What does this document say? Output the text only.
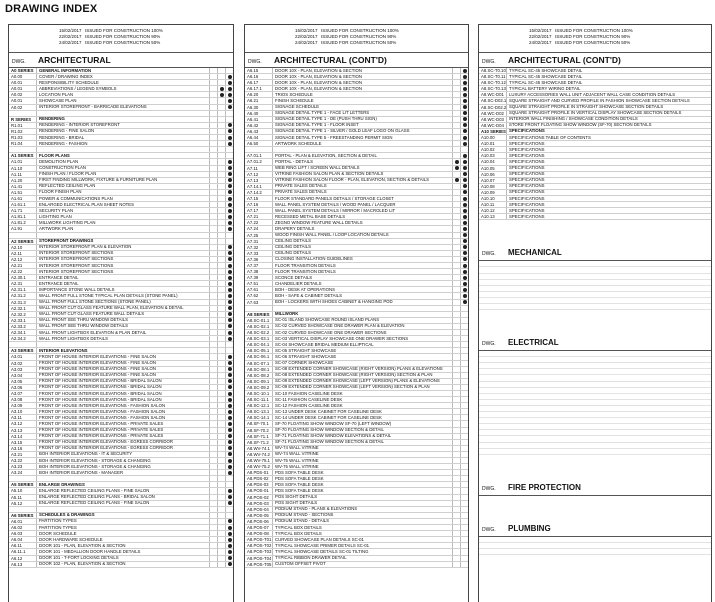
DRAWING INDEX
15/02/2017 ISSUED FOR CONSTRUCTION 100%
22/02/2017 ISSUED FOR CONSTRUCTION 90%
24/02/2017 ISSUED FOR CONSTRUCTION 50%
DWG.	ARCHITECTURAL
A0 SERIES	GENERAL INFORMATION
A0.00	COVER / DRAWING INDEX
A0.01	RESPONSIBILITY SCHEDULE
A0.01	ABBREVIATIONS / LEGEND SYMBOLS
A0.02	LOCATION PLAN
A0.01	SHOWCASE PLAN
A0.02	INTERIOR STOREFRONT - BARRICADE ELEVATIONS
R SERIES	RENDERING
R1.01	RENDERING - INTERIOR STOREFRONT
R1.02	RENDERING - FINE SALON
R1.03	RENDERING - BRIDAL
R1.04	RENDERING - FASHION
A1 SERIES	FLOOR PLANS
A1.01	DEMOLITION PLAN
A1.10	CONSTRUCTION PLAN
A1.11	FINISH PLAN / FLOOR PLAN
A1.20	FIRST FINDING MILLWORK, FIXTURE & FURNITURE PLAN
A1.41	REFLECTED CEILING PLAN
A1.51	FLOOR FINISH PLAN
A1.61	POWER & COMMUNICATIONS PLAN
A1.61.1	ENLARGED ELECTRICAL PLAN SHEET NOTES
A1.71	SECURITY PLAN
A1.81.1	LIGHTING PLAN
A1.81.2	MILLWORK LIGHTING PLAN
A1.91	ARTWORK PLAN
A2 SERIES	STOREFRONT DRAWINGS
A2.10	INTERIOR STOREFRONT PLAN & ELEVATION
A2.11	INTERIOR STOREFRONT SECTIONS
A2.12	INTERIOR STOREFRONT SECTIONS
A2.21	INTERIOR STOREFRONT SECTIONS
A2.22	INTERIOR STOREFRONT SECTIONS
A2.30.1	ENTRANCE DETAIL
A2.31	ENTRANCE DETAIL
A2.31.1	IMPORTANCE STONE WALL DETAILS
A2.31.2	WALL FRONT FULL STONE TYPICAL PLAN DETAILS (STONE PANEL)
A2.31.3	WALL FRONT FULL STONE SECTIONS (STONE PANEL)
A2.32.1	WALL FRONT CUT GLASS FEATURE WALL PLAN, ELEVATION & DETAIL
A2.32.2	WALL FRONT CUT GLASS FEATURE WALL DETAILS
A2.33.1	WALL FRONT SEE THRU WINDOW DETAILS
A2.33.2	WALL FRONT SEE THRU WINDOW DETAILS
A2.34.1	WALL FRONT LIGHTBOX ELEVATION & PLAN DETAIL
A2.34.2	WALL FRONT LIGHTBOX DETAILS
A3 SERIES	INTERIOR ELEVATIONS
A3.01	FRONT OF HOUSE INTERIOR ELEVATIONS - FINE SALON
A3.02	FRONT OF HOUSE INTERIOR ELEVATIONS - FINE SALON
A3.03	FRONT OF HOUSE INTERIOR ELEVATIONS - FINE SALON
A3.04	FRONT OF HOUSE INTERIOR ELEVATIONS - FINE SALON
A3.05	FRONT OF HOUSE INTERIOR ELEVATIONS - BRIDAL SALON
A3.06	FRONT OF HOUSE INTERIOR ELEVATIONS - BRIDAL SALON
A3.07	FRONT OF HOUSE INTERIOR ELEVATIONS - BRIDAL SALON
A3.08	FRONT OF HOUSE INTERIOR ELEVATIONS - BRIDAL SALON
A3.09	FRONT OF HOUSE INTERIOR ELEVATIONS - FASHION SALON
A3.10	FRONT OF HOUSE INTERIOR ELEVATIONS - FASHION SALON
A3.11	FRONT OF HOUSE INTERIOR ELEVATIONS - FASHION SALON
A3.12	FRONT OF HOUSE INTERIOR ELEVATIONS - PRIVATE SALES
A3.13	FRONT OF HOUSE INTERIOR ELEVATIONS - PRIVATE SALES
A3.14	FRONT OF HOUSE INTERIOR ELEVATIONS - PRIVATE SALES
A3.15	FRONT OF HOUSE INTERIOR ELEVATIONS - EGRESS CORRIDOR
A3.16	FRONT OF HOUSE INTERIOR ELEVATIONS - EGRESS CORRIDOR
A3.21	BOH INTERIOR ELEVATIONS - IT & SECURITY
A3.22	BOH INTERIOR ELEVATIONS - STORAGE & CHANGING
A3.23	BOH INTERIOR ELEVATIONS - STORAGE & CHANGING
A3.24	BOH INTERIOR ELEVATIONS - MANAGER
A5 SERIES	ENLARGE DRAWINGS
A5.10	ENLARGE REFLECTED CEILING PLANS - FINE SALON
A5.11	ENLARGE REFLECTED CEILING PLANS - BRIDAL SALON
A5.12	ENLARGE REFLECTED CEILING PLANS - FINE SALON
A6 SERIES	SCHEDULES & DRAWINGS
A6.01	PARTITION TYPES
A6.02	PARTITION TYPES
A6.03	DOOR SCHEDULE
A6.04	DOOR HARDWARE SCHEDULE
A6.11	DOOR 101 - PLAN, ELEVATION & SECTION
A6.11.1	DOOR 101 - MEDALLION DOOR HANDLE DETAILS
A6.12	DOOR 101 - T-FORT LOCKING DETAILS
A6.13	DOOR 102 - PLAN, ELEVATION & SECTION
15/02/2017 ISSUED FOR CONSTRUCTION 100%
22/02/2017 ISSUED FOR CONSTRUCTION 90%
24/02/2017 ISSUED FOR CONSTRUCTION 50%
DWG.	ARCHITECTURAL (CONT'D)
A6.15	DOOR 10X - PLAN, ELEVATION & SECTION
A6.16	DOOR 10X - PLAN, ELEVATION & SECTION
A6.17	DOOR 10X - PLAN, ELEVATION & SECTION
A6.17.1	DOOR 10X - PLAN, ELEVATION & SECTION
A6.20	TRIOS SCHEDULE
A6.21	FINISH SCHEDULE
A6.30	SIGNAGE SCHEDULE
A6.40	SIGNAGE DETAIL TYPE 1 - FACE LIT LETTERS
A6.41	SIGNAGE DETAIL TYPE 1 - DE (PUSH THRU SIGN)
A6.42	SIGNAGE DETAIL TYPE 1 - FLOOR INSET
A6.43	SIGNAGE DETAIL TYPE 1 - SILVER / GOLD LEAF LOGO ON GLASS
A6.44	SIGNAGE DETAIL TYPE 5 - FREESTANDING PERMIT SIGN
A6.50	ARTWORK SCHEDULE
A7.01.1	PORTAL - PLAN & ELEVATION, SECTION & DETAIL
A7.01.2	PORTAL - DETAILS
A7.11	WEB RING LIFT / SCREEN WALL DETAILS
A7.12	VITRINE FASHION SALON PLAN & SECTION DETAILS
A7.13	VITRINE FASHION SALON FLOOR - PLAN, ELEVATION, SECTION & DETAILS
A7.14.1	PRIVATE SALES DETAILS
A7.14.2	PRIVATE SALES DETAILS
A7.15	FLOOR STANDARD PANELS DETAILS / STORAGE CLOSET
A7.16	WALL PANEL SYSTEM DETAILS / WOOD PANEL / LACQUER
A7.17	WALL PANEL SYSTEM DETAILS / MIRROR / MACROLED LIT
A7.21	RECESSED METAL BASE DETAILS
A7.22	ZEGNO WINDOW FEATURE WALL DETAILS
A7.24	DRAPERY DETAILS
A7.25	WOOD FINISH WALL PANEL / LOOP LOCATION DETAILS
A7.31	CEILING DETAILS
A7.32	CEILING DETAILS
A7.33	CEILING DETAILS
A7.36	CLOSING INSTALLATION GUIDELINES
A7.37	FLOOR TRANSITION DETAILS
A7.38	FLOOR TRANSITION DETAILS
A7.39	SCONCE DETAILS
A7.51	CHANDELIER DETAILS
A7.61	BOH - DESK AT OPERATIONS
A7.62	BOH - SAFE & CABINET DETAILS
A7.63	BOH - LOCKERS WITH SHOES CABINET & HANGING POD
A8 SERIES	MILLWORK
A8.SC-01.1	SC-01 ISLAND SHOWCASE ROUND ISLAND PLANS
A8.SC-02.1	SC-02 CURVED SHOWCASE ONE DRAWER PLAN & ELEVATION
A8.SC-02.2	SC-02 CURVED SHOWCASE ONE DRAWER SECTIONS
A8.SC-03.1	SC-03 VERTICAL DISPLAY SHOWCASE ONE DRAWER SECTIONS
A8.SC-04.1	SC-04 SHOWCASE BRIDAL MEDIUM ELLIPTICAL
A8.SC-05.1	SC-05 STRAIGHT SHOWCASE
A8.SC-06.1	SC-06 STRAIGHT SHOWCASE
A8.SC-07.1	SC-07 CORNER SHOWCASE
A8.SC-08.1	SC-08 EXTENDED CORNER SHOWCASE (RIGHT VERSION) PLANS & ELEVATIONS
A8.SC-08.2	SC-08 EXTENDED CORNER SHOWCASE (RIGHT VERSION) SECTION & PLAN
A8.SC-09.1	SC-09 EXTENDED CORNER SHOWCASE (LEFT VERSION) PLANS & ELEVATIONS
A8.SC-09.2	SC-09 EXTENDED CORNER SHOWCASE (LEFT VERSION) SECTION & PLAN
A8.SC-10.1	SC-10 FASHION CASELINE DESK
A8.SC-11.1	SC-11 FASHION CASELINE DESK
A8.SC-12.1	SC-12 FASHION CASELINE DESK
A8.SC-13.1	SC-13 UNDER DESK CABINET FOR CASELINE DESK
A8.SC-14.1	SC-14 UNDER DESK CABINET FOR CASELINE DESK
A8.SF-70.1	SF-70 FLOATING SHOW WINDOW SF-70 (LEFT WINDOW)
A8.SF-70.2	SF-70 FLOATING SHOW WINDOW SECTION & DETAIL
A8.SF-71.1	SF-71 FLOATING SHOW WINDOW ELEVATIONS & DETAIL
A8.SF-71.2	SF-71 FLOATING SHOW WINDOW SECTION & DETAIL
A8.WV-74.1	WV-74 WALL VITRINE
A8.WV-74.2	WV-74 WALL VITRINE
A8.WV-75.1	WV-75 WALL VITRINE
A8.WV-75.2	WV-75 WALL VITRINE
A8.PDS-01	PDS SOFA TABLE DESK
A8.PDS-02	PDS SOFA TABLE DESK
A8.PDS-03	PDS SOFA TABLE DESK
A8.POS-01	PDS SOFA TABLE DESK
A8.POS-02	POS SIGHT DETAILS
A8.POS-03	POS SIGHT DETAILS
A8.POS-04	PODIUM STAND - PLANS & ELEVATIONS
A8.POS-05	PODIUM STAND - SECTIONS
A8.POS-06	PODIUM STAND - DETAILS
A8.POS-07	TYPICAL BOX DETAILS
A8.POS-08	TYPICAL BOX DETAILS
A8.POS-T01 CURVED SHOWCASE PLAN DETAILS SC-01
A8.POS-T02 TYPICAL SHOWCASE PRIMER DETAILS SC-01
A8.POS-T03 TYPICAL SHOWCASE DETAILS SC-01 TILTING
A8.POS-T04 TYPICAL RIBBON DRAWER DETAIL
A8.POS-T05 CUSTOM OFFSET PIVOT
15/02/2017 ISSUED FOR CONSTRUCTION 100%
22/02/2017 ISSUED FOR CONSTRUCTION 90%
24/02/2017 ISSUED FOR CONSTRUCTION 50%
DWG.	ARCHITECTURAL (CONT'D)
A8.SC-T0.10 TYPICAL SC-45 SHOWCASE DETAIL
A8.SC-T0.11 TYPICAL SC-45 SHOWCASE DETAIL
A8.SC-T0.12 TYPICAL SC-45 SHOWCASE DETAIL
A8.SC-T0.13 TYPICAL BATTERY WIRING DETAIL
A8.WC-D01	LUXURY ACCESSORIES WALL UNIT ADJACENT WALL CASE CONDITION DETAILS
A8.SC-D02.1 SQUARE STRAIGHT AND CURVED PROFILE IN FASHION SHOWCASE SECTION DETAILS
A8.SC-D02.2 SQUARE STRAIGHT PROFILE IN STRAIGHT SHOWCASE SECTION DETAILS
A8.WC-D02	SQUARE STRAIGHT PROFILE IN VERTICAL DISPLAY SHOWCASE SECTION DETAILS
A8.WC-D03	INTERIOR WALL FINISHING / SHOWCASE CONDITION DETAILS
A8.WC-D04	STORE FRONT FLOATING SHOW WINDOW (SF-70) SECTION DETAILS
A10 SERIES SPECIFICATIONS
A10.00	SPECIFICATIONS TABLE OF CONTENTS
A10.01	SPECIFICATIONS
A10.02	SPECIFICATIONS
A10.03	SPECIFICATIONS
A10.04	SPECIFICATIONS
A10.05	SPECIFICATIONS
A10.06	SPECIFICATIONS
A10.07	SPECIFICATIONS
A10.08	SPECIFICATIONS
A10.09	SPECIFICATIONS
A10.10	SPECIFICATIONS
A10.11	SPECIFICATIONS
A10.12	SPECIFICATIONS
A10.13	SPECIFICATIONS
DWG.	MECHANICAL
DWG.	ELECTRICAL
DWG.	FIRE PROTECTION
DWG.	PLUMBING
